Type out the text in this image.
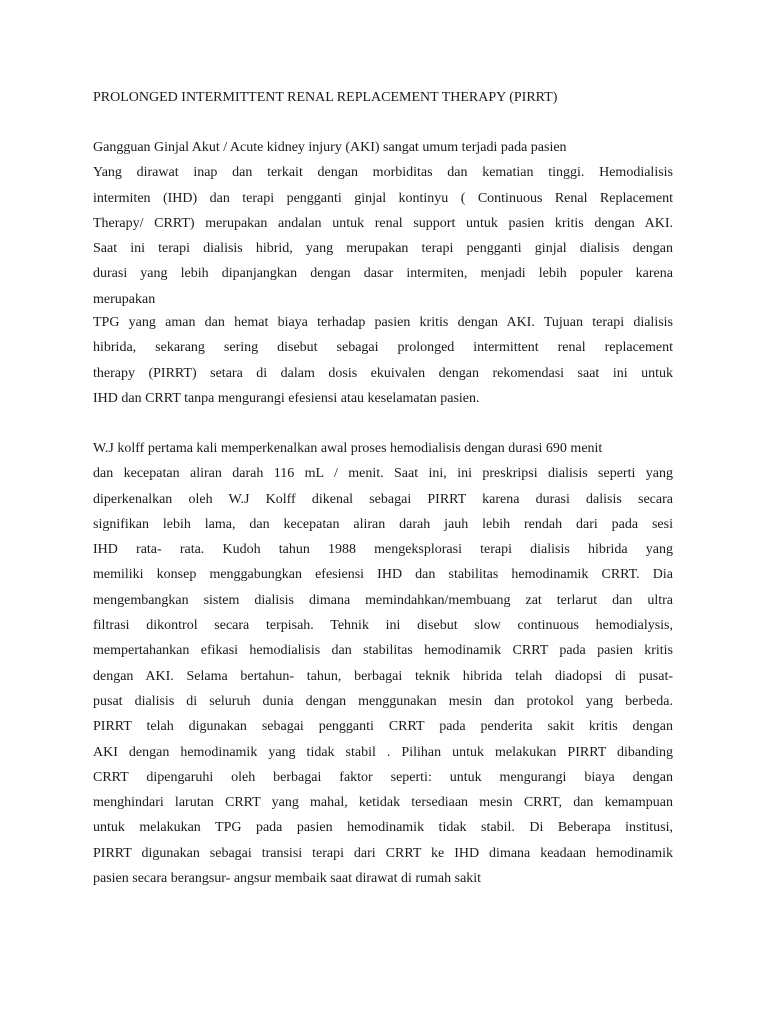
PROLONGED INTERMITTENT RENAL REPLACEMENT THERAPY (PIRRT)
Gangguan Ginjal Akut / Acute kidney injury (AKI) sangat umum terjadi pada pasien
Yang dirawat inap dan terkait dengan morbiditas dan kematian tinggi. Hemodialisis
intermiten (IHD) dan terapi pengganti ginjal kontinyu ( Continuous Renal Replacement
Therapy/ CRRT) merupakan andalan untuk renal support untuk pasien kritis dengan AKI.
Saat ini terapi dialisis hibrid, yang merupakan terapi pengganti ginjal dialisis dengan
durasi yang lebih dipanjangkan dengan dasar intermiten, menjadi lebih populer karena
merupakan
TPG yang aman dan hemat biaya terhadap pasien kritis dengan AKI. Tujuan terapi dialisis
hibrida, sekarang sering disebut sebagai prolonged intermittent renal replacement
therapy (PIRRT) setara di dalam dosis ekuivalen dengan rekomendasi saat ini untuk
IHD dan CRRT tanpa mengurangi efesiensi atau keselamatan pasien.
W.J kolff pertama kali memperkenalkan awal proses hemodialisis dengan durasi 690 menit
dan kecepatan aliran darah 116 mL / menit. Saat ini, ini preskripsi dialisis seperti yang
diperkenalkan oleh W.J Kolff dikenal sebagai PIRRT karena durasi dalisis secara
signifikan lebih lama, dan kecepatan aliran darah jauh lebih rendah dari pada sesi
IHD rata- rata. Kudoh tahun 1988 mengeksplorasi terapi dialisis hibrida yang
memiliki konsep menggabungkan efesiensi IHD dan stabilitas hemodinamik CRRT. Dia
mengembangkan sistem dialisis dimana memindahkan/membuang zat terlarut dan ultra
filtrasi dikontrol secara terpisah. Tehnik ini disebut slow continuous hemodialysis,
mempertahankan efikasi hemodialisis dan stabilitas hemodinamik CRRT pada pasien kritis
dengan AKI. Selama bertahun- tahun, berbagai teknik hibrida telah diadopsi di pusat-
pusat dialisis di seluruh dunia dengan menggunakan mesin dan protokol yang berbeda.
PIRRT telah digunakan sebagai pengganti CRRT pada penderita sakit kritis dengan
AKI dengan hemodinamik yang tidak stabil . Pilihan untuk melakukan PIRRT dibanding
CRRT dipengaruhi oleh berbagai faktor seperti: untuk mengurangi biaya dengan
menghindari larutan CRRT yang mahal, ketidak tersediaan mesin CRRT, dan kemampuan
untuk melakukan TPG pada pasien hemodinamik tidak stabil. Di Beberapa institusi,
PIRRT digunakan sebagai transisi terapi dari CRRT ke IHD dimana keadaan hemodinamik
pasien secara berangsur- angsur membaik saat dirawat di rumah sakit
